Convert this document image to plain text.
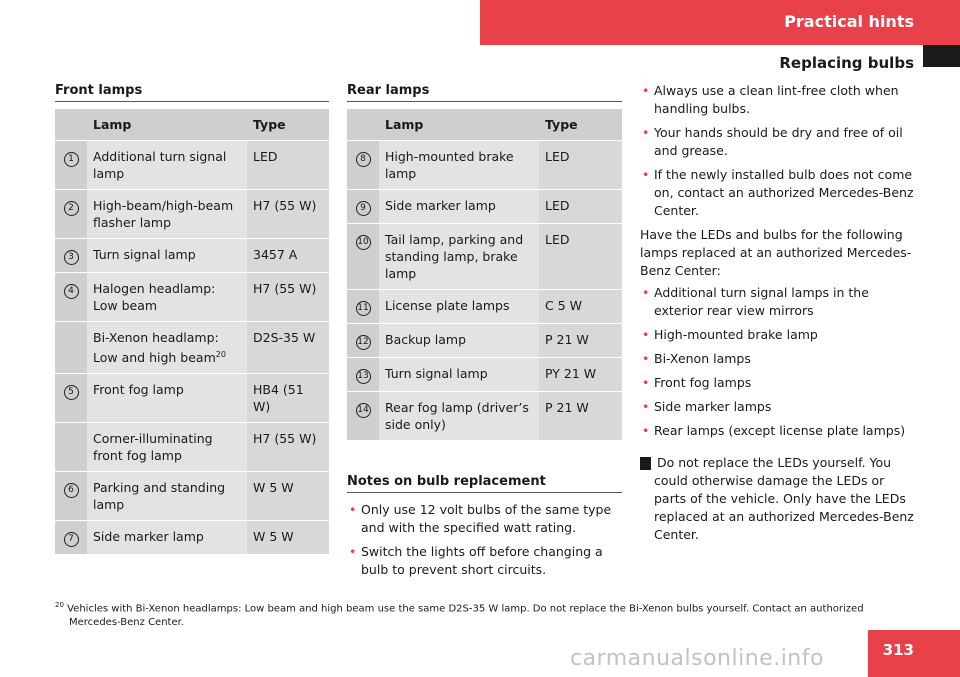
Practical hints
Replacing bulbs
Front lamps
	Lamp	Type
1	Additional turn signal lamp	LED
2	High-beam/high-beam flasher lamp	H7 (55 W)
3	Turn signal lamp	3457 A
4	Halogen headlamp: Low beam	H7 (55 W)
	Bi-Xenon headlamp: Low and high beam$^{20}$	D2S-35 W
5	Front fog lamp	HB4 (51 W)
	Corner-illuminating front fog lamp	H7 (55 W)
6	Parking and standing lamp	W 5 W
7	Side marker lamp	W 5 W
Rear lamps
	Lamp	Type
8	High-mounted brake lamp	LED
9	Side marker lamp	LED
10	Tail lamp, parking and standing lamp, brake lamp	LED
11	License plate lamps	C 5 W
12	Backup lamp	P 21 W
13	Turn signal lamp	PY 21 W
14	Rear fog lamp (driver’s side only)	P 21 W
Notes on bulb replacement
• Only use 12 volt bulbs of the same type and with the specified watt rating.
• Switch the lights off before changing a bulb to prevent short circuits.
• Always use a clean lint-free cloth when handling bulbs.
• Your hands should be dry and free of oil and grease.
• If the newly installed bulb does not come on, contact an authorized Mercedes-Benz Center.
Have the LEDs and bulbs for the following lamps replaced at an authorized Mercedes-Benz Center:
• Additional turn signal lamps in the exterior rear view mirrors
• High-mounted brake lamp
• Bi-Xenon lamps
• Front fog lamps
• Side marker lamps
• Rear lamps (except license plate lamps)
! Do not replace the LEDs yourself. You could otherwise damage the LEDs or parts of the vehicle. Only have the LEDs replaced at an authorized Mercedes-Benz Center.
$^{20}$ Vehicles with Bi-Xenon headlamps: Low beam and high beam use the same D2S-35 W lamp. Do not replace the Bi-Xenon bulbs yourself. Contact an authorized Mercedes-Benz Center.
313
carmanualsonline.info
